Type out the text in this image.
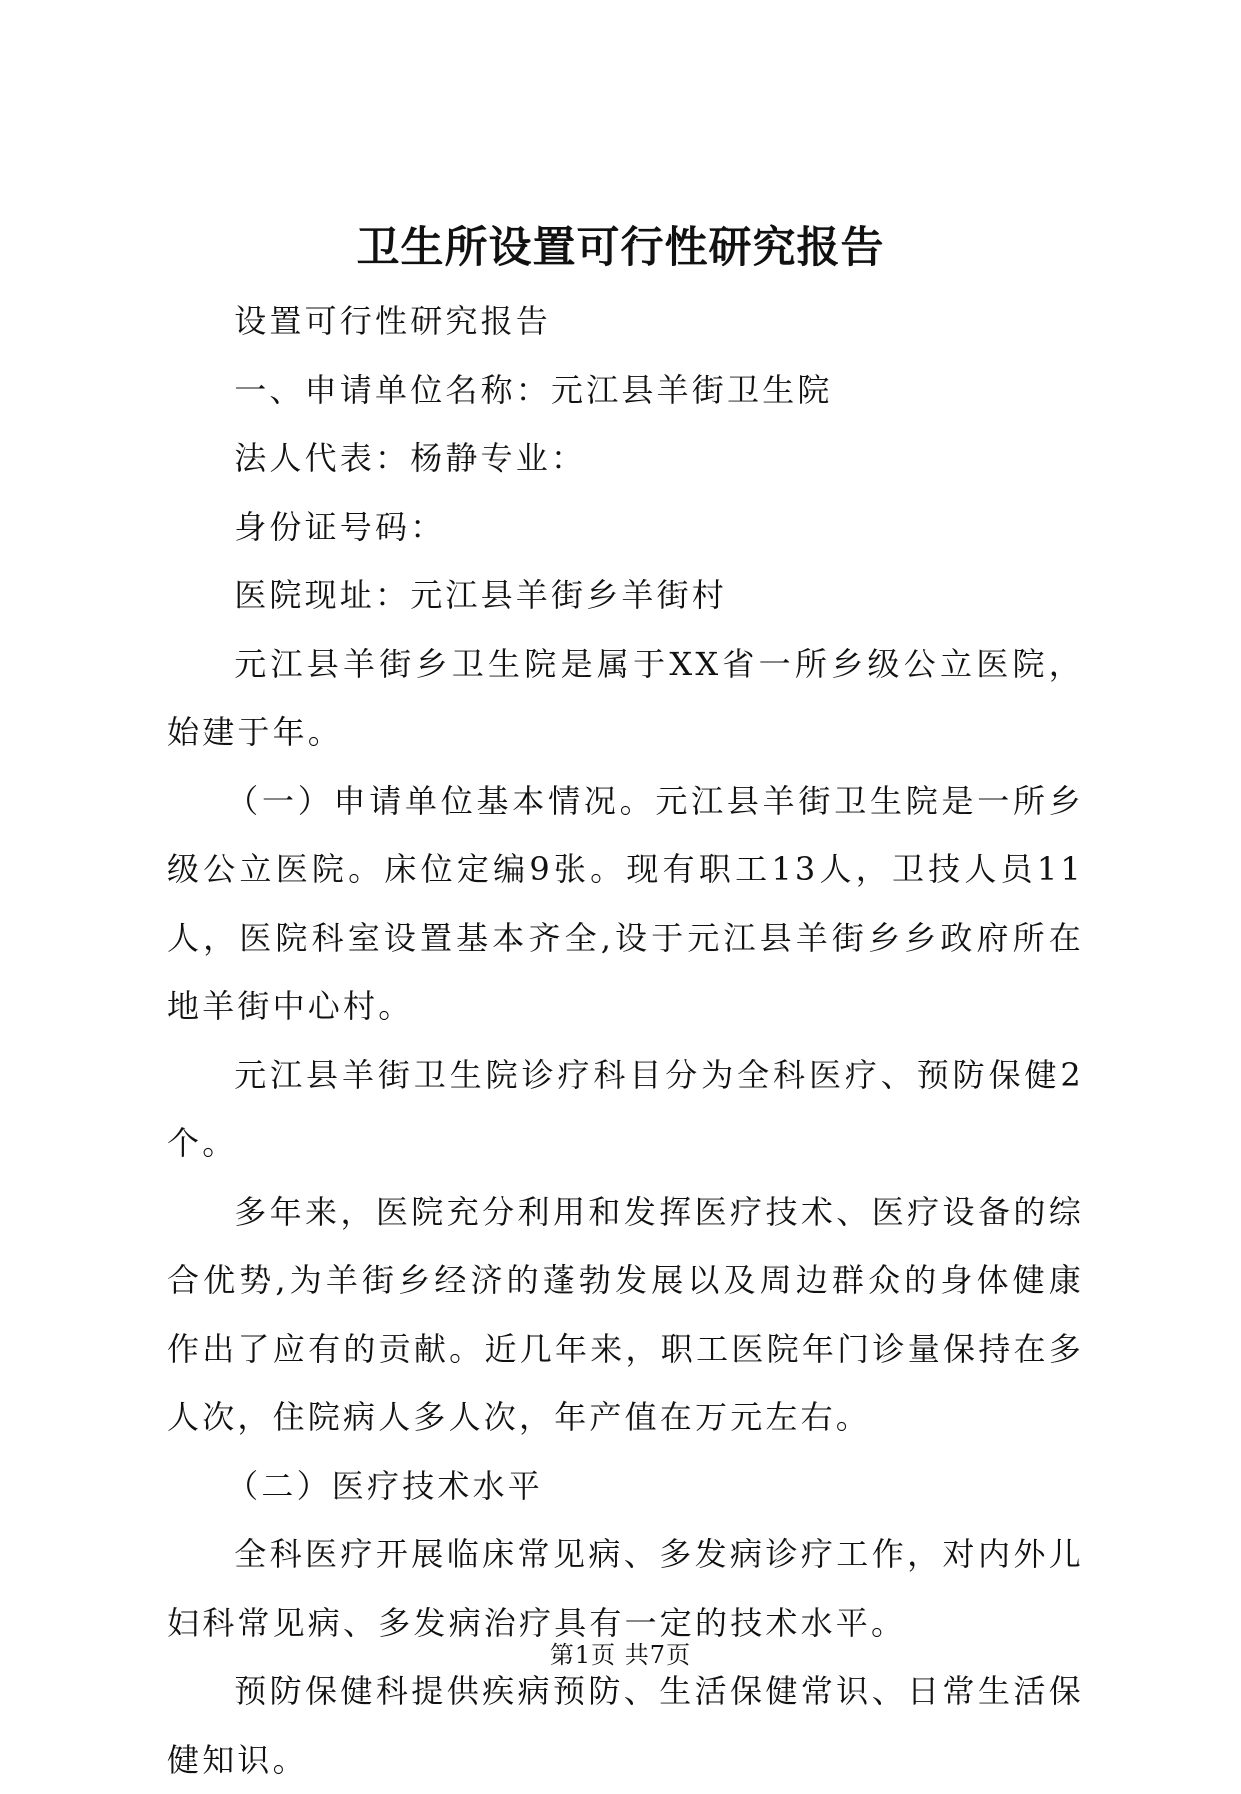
卫生所设置可行性研究报告

设置可行性研究报告

一、申请单位名称：元江县羊街卫生院

法人代表：杨静专业：

身份证号码：

医院现址：元江县羊街乡羊街村

元江县羊街乡卫生院是属于XX省一所乡级公立医院，始建于年。

（一）申请单位基本情况。元江县羊街卫生院是一所乡级公立医院。床位定编9张。现有职工13人，卫技人员11人，医院科室设置基本齐全,设于元江县羊街乡乡政府所在地羊街中心村。

元江县羊街卫生院诊疗科目分为全科医疗、预防保健2个。

多年来，医院充分利用和发挥医疗技术、医疗设备的综合优势,为羊街乡经济的蓬勃发展以及周边群众的身体健康作出了应有的贡献。近几年来，职工医院年门诊量保持在多人次，住院病人多人次，年产值在万元左右。

（二）医疗技术水平

全科医疗开展临床常见病、多发病诊疗工作，对内外儿妇科常见病、多发病治疗具有一定的技术水平。

预防保健科提供疾病预防、生活保健常识、日常生活保健知识。

第1页 共7页
